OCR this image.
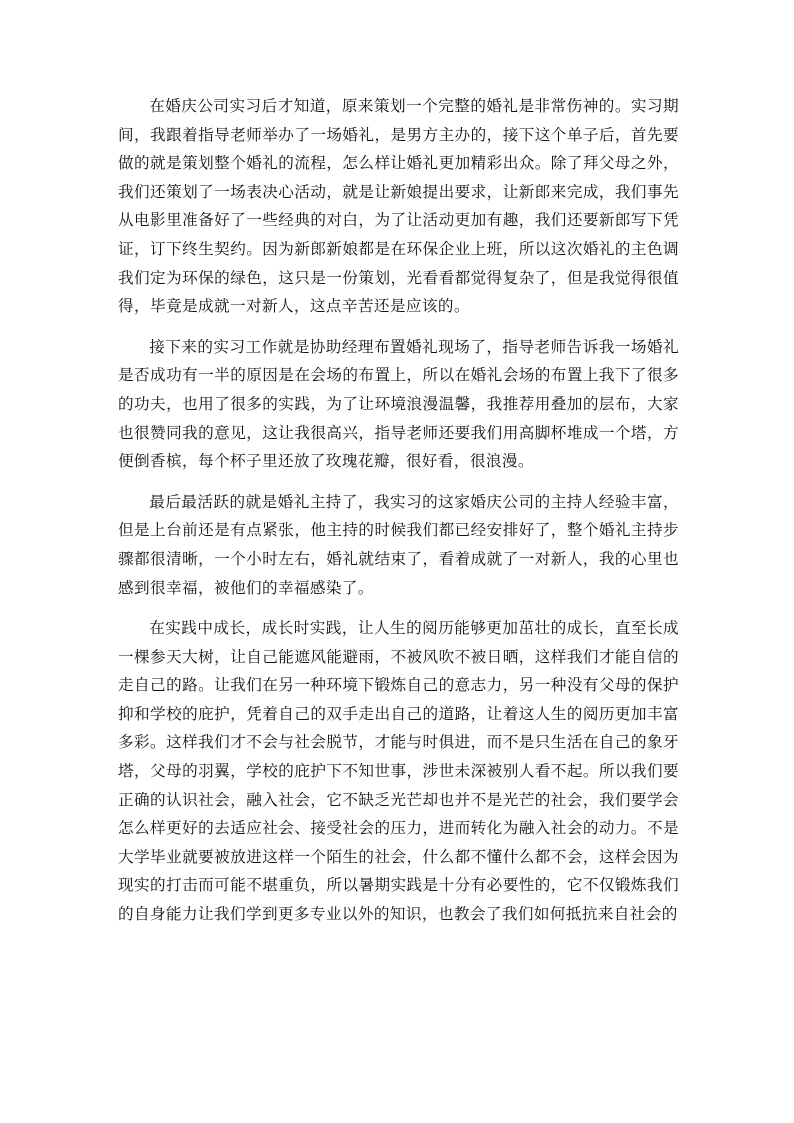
在婚庆公司实习后才知道，原来策划一个完整的婚礼是非常伤神的。实习期间，我跟着指导老师举办了一场婚礼，是男方主办的，接下这个单子后，首先要做的就是策划整个婚礼的流程，怎么样让婚礼更加精彩出众。除了拜父母之外，我们还策划了一场表决心活动，就是让新娘提出要求，让新郎来完成，我们事先从电影里准备好了一些经典的对白，为了让活动更加有趣，我们还要新郎写下凭证，订下终生契约。因为新郎新娘都是在环保企业上班，所以这次婚礼的主色调我们定为环保的绿色，这只是一份策划，光看看都觉得复杂了，但是我觉得很值得，毕竟是成就一对新人，这点辛苦还是应该的。

接下来的实习工作就是协助经理布置婚礼现场了，指导老师告诉我一场婚礼是否成功有一半的原因是在会场的布置上，所以在婚礼会场的布置上我下了很多的功夫，也用了很多的实践，为了让环境浪漫温馨，我推荐用叠加的层布，大家也很赞同我的意见，这让我很高兴，指导老师还要我们用高脚杯堆成一个塔，方便倒香槟，每个杯子里还放了玫瑰花瓣，很好看，很浪漫。

最后最活跃的就是婚礼主持了，我实习的这家婚庆公司的主持人经验丰富，但是上台前还是有点紧张，他主持的时候我们都已经安排好了，整个婚礼主持步骤都很清晰，一个小时左右，婚礼就结束了，看着成就了一对新人，我的心里也感到很幸福，被他们的幸福感染了。

在实践中成长，成长时实践，让人生的阅历能够更加茁壮的成长，直至长成一棵参天大树，让自己能遮风能避雨，不被风吹不被日晒，这样我们才能自信的走自己的路。让我们在另一种环境下锻炼自己的意志力，另一种没有父母的保护抑和学校的庇护，凭着自己的双手走出自己的道路，让着这人生的阅历更加丰富多彩。这样我们才不会与社会脱节，才能与时俱进，而不是只生活在自己的象牙塔，父母的羽翼，学校的庇护下不知世事，涉世未深被别人看不起。所以我们要正确的认识社会，融入社会，它不缺乏光芒却也并不是光芒的社会，我们要学会怎么样更好的去适应社会、接受社会的压力，进而转化为融入社会的动力。不是大学毕业就要被放进这样一个陌生的社会，什么都不懂什么都不会，这样会因为现实的打击而可能不堪重负，所以暑期实践是十分有必要性的，它不仅锻炼我们的自身能力让我们学到更多专业以外的知识，也教会了我们如何抵抗来自社会的
